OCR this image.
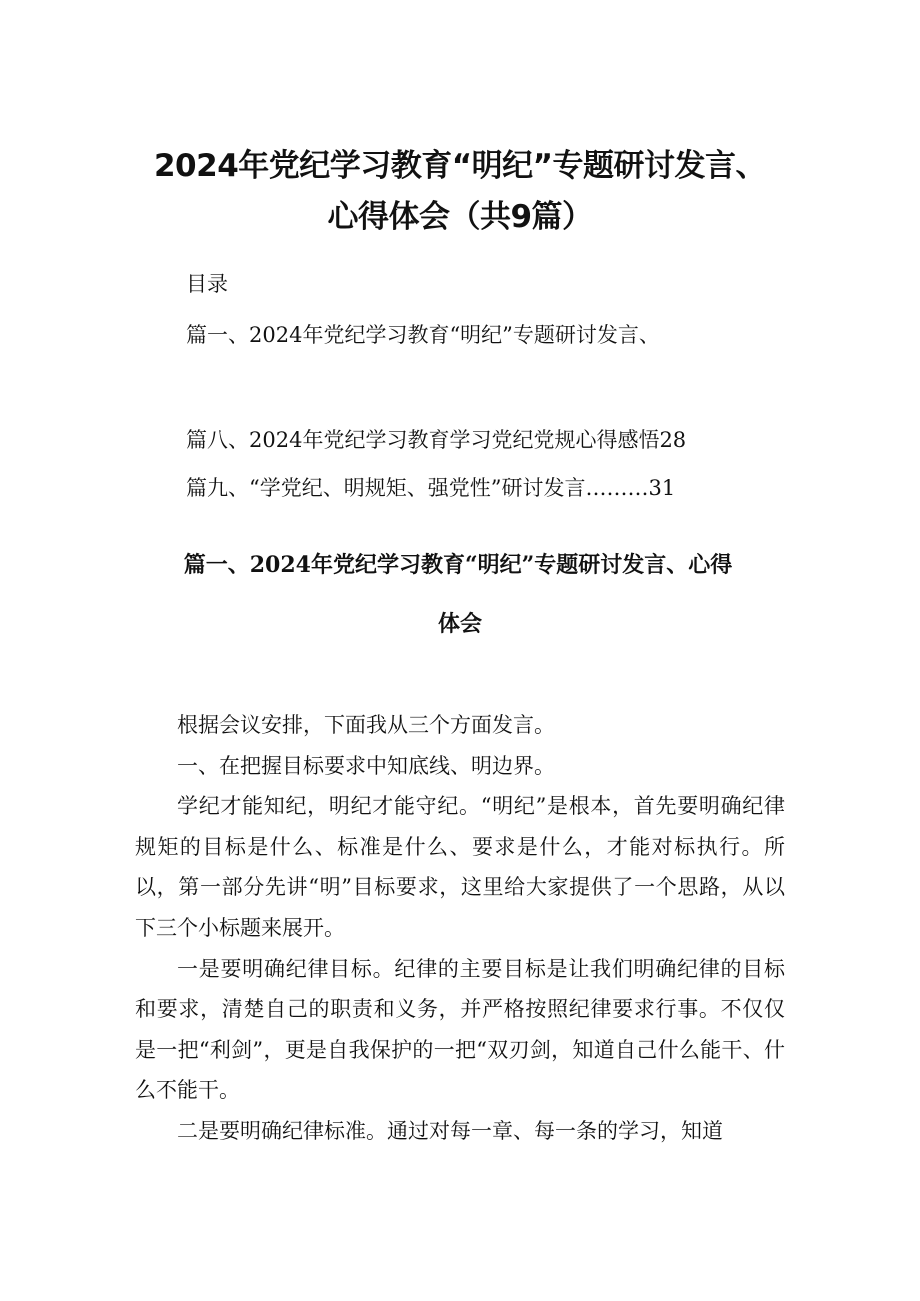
2024年党纪学习教育“明纪”专题研讨发言、
心得体会（共9篇）
目录
篇一、2024年党纪学习教育“明纪”专题研讨发言、
篇八、2024年党纪学习教育学习党纪党规心得感悟28
篇九、“学党纪、明规矩、强党性”研讨发言………31
篇一、2024年党纪学习教育“明纪”专题研讨发言、心得
体会

根据会议安排，下面我从三个方面发言。

一、在把握目标要求中知底线、明边界。

学纪才能知纪，明纪才能守纪。“明纪”是根本，首先要明确纪律规矩的目标是什么、标准是什么、要求是什么，才能对标执行。所以，第一部分先讲“明”目标要求，这里给大家提供了一个思路，从以下三个小标题来展开。

一是要明确纪律目标。纪律的主要目标是让我们明确纪律的目标和要求，清楚自己的职责和义务，并严格按照纪律要求行事。不仅仅是一把“利剑”，更是自我保护的一把“双刃剑，知道自己什么能干、什么不能干。

二是要明确纪律标准。通过对每一章、每一条的学习，知道
